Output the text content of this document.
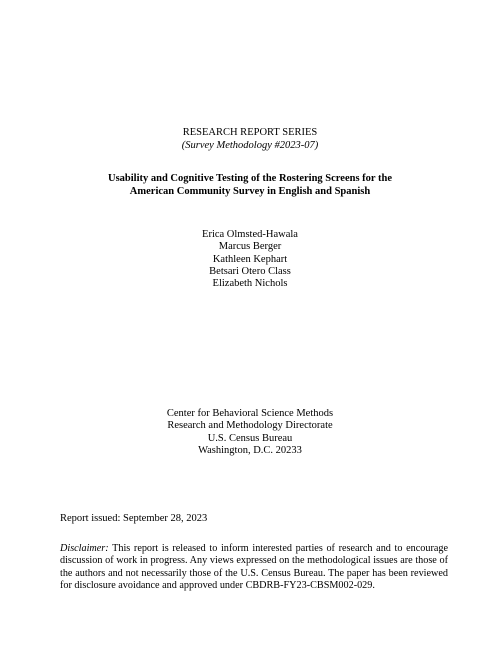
RESEARCH REPORT SERIES
(Survey Methodology #2023-07)
Usability and Cognitive Testing of the Rostering Screens for the
American Community Survey in English and Spanish
Erica Olmsted-Hawala
Marcus Berger
Kathleen Kephart
Betsari Otero Class
Elizabeth Nichols
Center for Behavioral Science Methods
Research and Methodology Directorate
U.S. Census Bureau
Washington, D.C. 20233
Report issued: September 28, 2023
Disclaimer: This report is released to inform interested parties of research and to encourage discussion of work in progress. Any views expressed on the methodological issues are those of the authors and not necessarily those of the U.S. Census Bureau. The paper has been reviewed for disclosure avoidance and approved under CBDRB-FY23-CBSM002-029.
